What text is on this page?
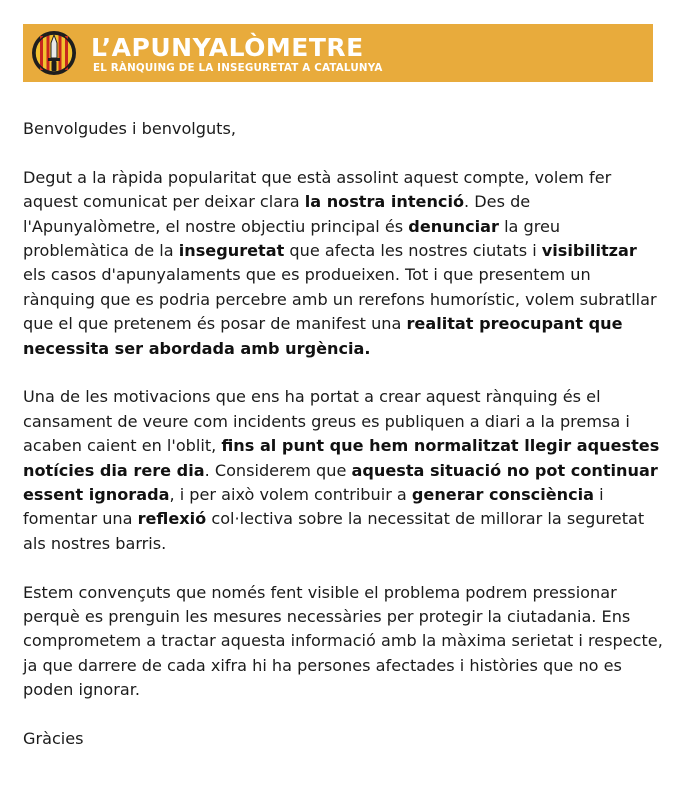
L’APUNYALÒMETRE
EL RÀNQUING DE LA INSEGURETAT A CATALUNYA

Benvolgudes i benvolguts,

Degut a la ràpida popularitat que està assolint aquest compte, volem fer aquest comunicat per deixar clara la nostra intenció. Des de l'Apunyalòmetre, el nostre objectiu principal és denunciar la greu problemàtica de la inseguretat que afecta les nostres ciutats i visibilitzar els casos d'apunyalaments que es produeixen. Tot i que presentem un rànquing que es podria percebre amb un rerefons humorístic, volem subratllar que el que pretenem és posar de manifest una realitat preocupant que necessita ser abordada amb urgència.

Una de les motivacions que ens ha portat a crear aquest rànquing és el cansament de veure com incidents greus es publiquen a diari a la premsa i acaben caient en l'oblit, fins al punt que hem normalitzat llegir aquestes notícies dia rere dia. Considerem que aquesta situació no pot continuar essent ignorada, i per això volem contribuir a generar consciència i fomentar una reflexió col·lectiva sobre la necessitat de millorar la seguretat als nostres barris.

Estem convençuts que només fent visible el problema podrem pressionar perquè es prenguin les mesures necessàries per protegir la ciutadania. Ens comprometem a tractar aquesta informació amb la màxima serietat i respecte, ja que darrere de cada xifra hi ha persones afectades i històries que no es poden ignorar.

Gràcies
